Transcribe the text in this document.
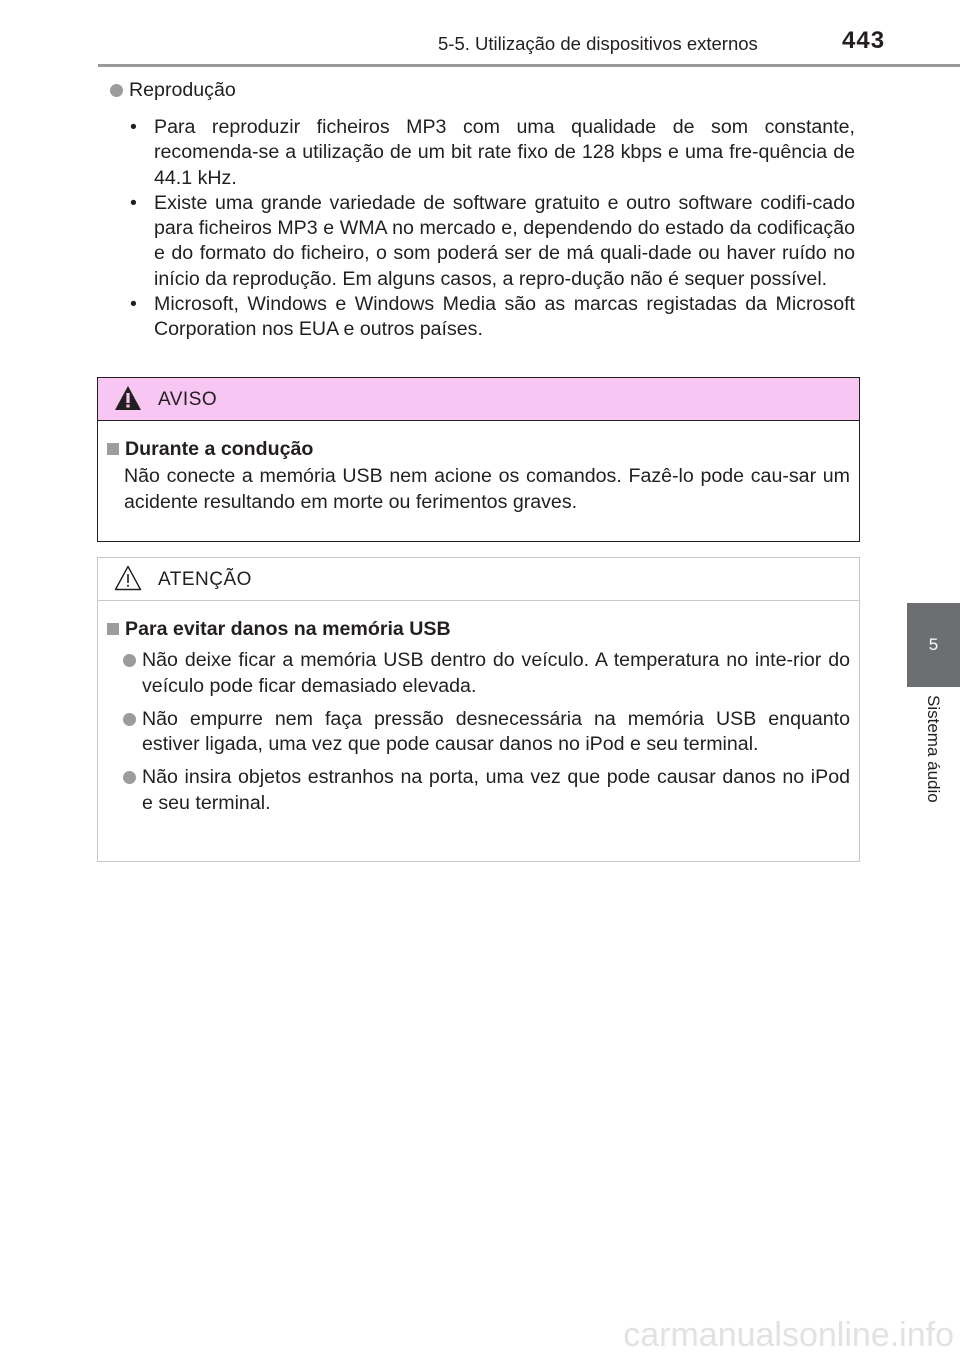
5-5. Utilização de dispositivos externos	443
5
Sistema áudio
Reprodução
• Para reproduzir ficheiros MP3 com uma qualidade de som constante, recomenda-se a utilização de um bit rate fixo de 128 kbps e uma fre-quência de 44.1 kHz.
• Existe uma grande variedade de software gratuito e outro software codifi-cado para ficheiros MP3 e WMA no mercado e, dependendo do estado da codificação e do formato do ficheiro, o som poderá ser de má quali-dade ou haver ruído no início da reprodução. Em alguns casos, a repro-dução não é sequer possível.
• Microsoft, Windows e Windows Media são as marcas registadas da Microsoft Corporation nos EUA e outros países.
AVISO
Durante a condução
Não conecte a memória USB nem acione os comandos. Fazê-lo pode cau-sar um acidente resultando em morte ou ferimentos graves.
ATENÇÃO
Para evitar danos na memória USB
Não deixe ficar a memória USB dentro do veículo. A temperatura no inte-rior do veículo pode ficar demasiado elevada.
Não empurre nem faça pressão desnecessária na memória USB enquanto estiver ligada, uma vez que pode causar danos no iPod e seu terminal.
Não insira objetos estranhos na porta, uma vez que pode causar danos no iPod e seu terminal.
carmanualsonline.info
